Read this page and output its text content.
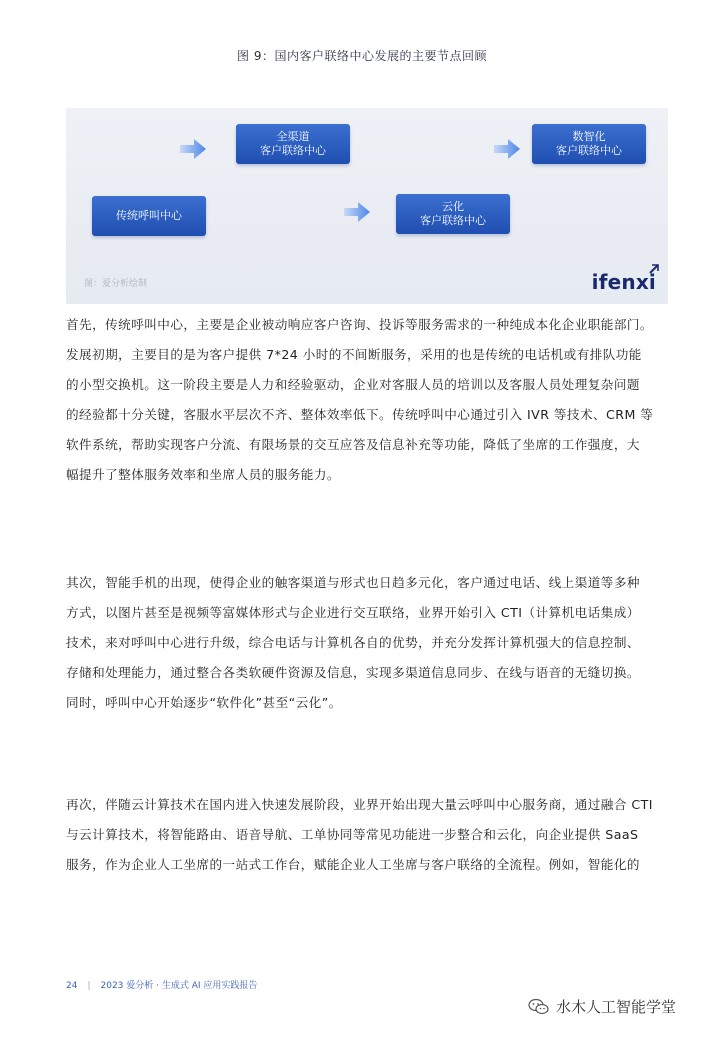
图 9：国内客户联络中心发展的主要节点回顾
传统呼叫中心
全渠道
客户联络中心
云化
客户联络中心
数智化
客户联络中心
图：爱分析绘制	ifenxi

首先，传统呼叫中心，主要是企业被动响应客户咨询、投诉等服务需求的一种纯成本化企业职能部门。

发展初期，主要目的是为客户提供 7*24 小时的不间断服务，采用的也是传统的电话机或有排队功能

的小型交换机。这一阶段主要是人力和经验驱动，企业对客服人员的培训以及客服人员处理复杂问题

的经验都十分关键，客服水平层次不齐、整体效率低下。传统呼叫中心通过引入 IVR 等技术、CRM 等

软件系统，帮助实现客户分流、有限场景的交互应答及信息补充等功能，降低了坐席的工作强度，大

幅提升了整体服务效率和坐席人员的服务能力。

其次，智能手机的出现，使得企业的触客渠道与形式也日趋多元化，客户通过电话、线上渠道等多种

方式，以图片甚至是视频等富媒体形式与企业进行交互联络，业界开始引入 CTI（计算机电话集成）

技术，来对呼叫中心进行升级，综合电话与计算机各自的优势，并充分发挥计算机强大的信息控制、

存储和处理能力，通过整合各类软硬件资源及信息，实现多渠道信息同步、在线与语音的无缝切换。

同时，呼叫中心开始逐步“软件化”甚至“云化”。

再次，伴随云计算技术在国内进入快速发展阶段，业界开始出现大量云呼叫中心服务商，通过融合 CTI

与云计算技术，将智能路由、语音导航、工单协同等常见功能进一步整合和云化，向企业提供 SaaS

服务，作为企业人工坐席的一站式工作台，赋能企业人工坐席与客户联络的全流程。例如，智能化的

24 | 2023 爱分析 · 生成式 AI 应用实践报告
水木人工智能学堂
